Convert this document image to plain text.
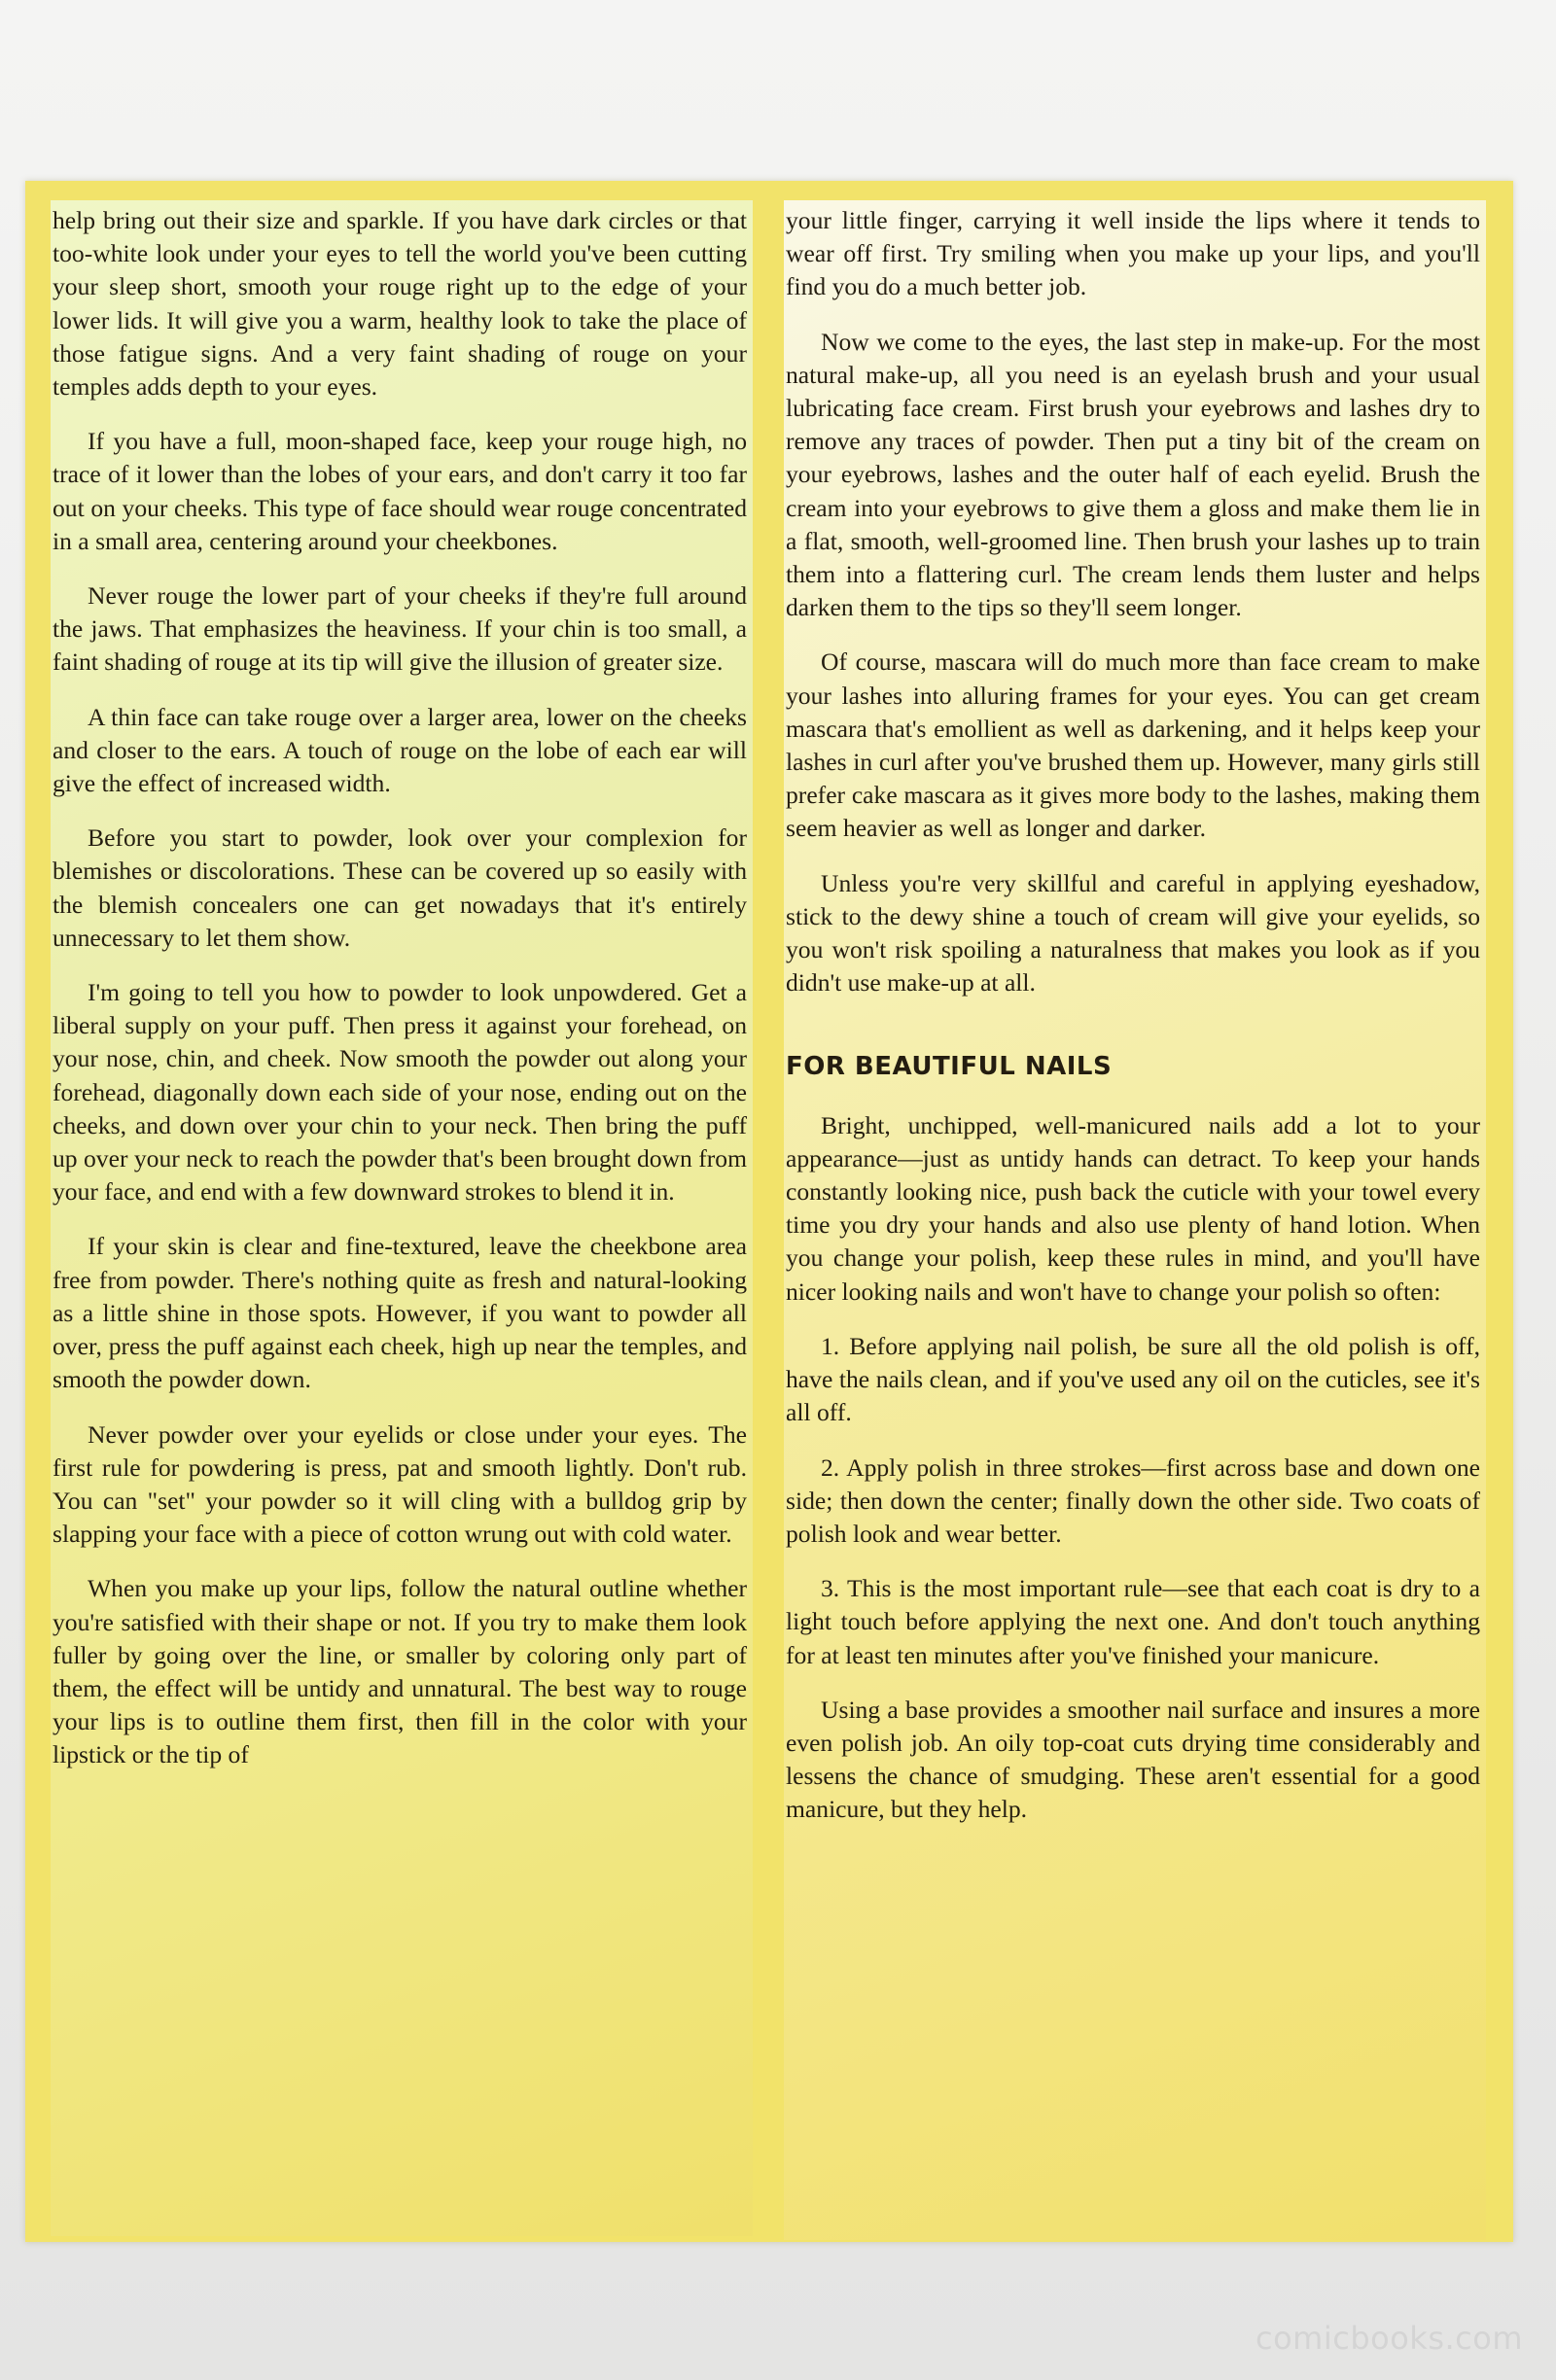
help bring out their size and sparkle. If you have dark circles or that too-white look under your eyes to tell the world you've been cutting your sleep short, smooth your rouge right up to the edge of your lower lids. It will give you a warm, healthy look to take the place of those fatigue signs. And a very faint shading of rouge on your temples adds depth to your eyes.

If you have a full, moon-shaped face, keep your rouge high, no trace of it lower than the lobes of your ears, and don't carry it too far out on your cheeks. This type of face should wear rouge concentrated in a small area, centering around your cheekbones.

Never rouge the lower part of your cheeks if they're full around the jaws. That emphasizes the heaviness. If your chin is too small, a faint shading of rouge at its tip will give the illusion of greater size.

A thin face can take rouge over a larger area, lower on the cheeks and closer to the ears. A touch of rouge on the lobe of each ear will give the effect of increased width.

Before you start to powder, look over your complexion for blemishes or discolorations. These can be covered up so easily with the blemish concealers one can get nowadays that it's entirely unnecessary to let them show.

I'm going to tell you how to powder to look unpowdered. Get a liberal supply on your puff. Then press it against your forehead, on your nose, chin, and cheek. Now smooth the powder out along your forehead, diagonally down each side of your nose, ending out on the cheeks, and down over your chin to your neck. Then bring the puff up over your neck to reach the powder that's been brought down from your face, and end with a few downward strokes to blend it in.

If your skin is clear and fine-textured, leave the cheekbone area free from powder. There's nothing quite as fresh and natural-looking as a little shine in those spots. However, if you want to powder all over, press the puff against each cheek, high up near the temples, and smooth the powder down.

Never powder over your eyelids or close under your eyes. The first rule for powdering is press, pat and smooth lightly. Don't rub. You can "set" your powder so it will cling with a bulldog grip by slapping your face with a piece of cotton wrung out with cold water.

When you make up your lips, follow the natural outline whether you're satisfied with their shape or not. If you try to make them look fuller by going over the line, or smaller by coloring only part of them, the effect will be untidy and unnatural. The best way to rouge your lips is to outline them first, then fill in the color with your lipstick or the tip of

your little finger, carrying it well inside the lips where it tends to wear off first. Try smiling when you make up your lips, and you'll find you do a much better job.

Now we come to the eyes, the last step in make-up. For the most natural make-up, all you need is an eyelash brush and your usual lubricating face cream. First brush your eyebrows and lashes dry to remove any traces of powder. Then put a tiny bit of the cream on your eyebrows, lashes and the outer half of each eyelid. Brush the cream into your eyebrows to give them a gloss and make them lie in a flat, smooth, well-groomed line. Then brush your lashes up to train them into a flattering curl. The cream lends them luster and helps darken them to the tips so they'll seem longer.

Of course, mascara will do much more than face cream to make your lashes into alluring frames for your eyes. You can get cream mascara that's emollient as well as darkening, and it helps keep your lashes in curl after you've brushed them up. However, many girls still prefer cake mascara as it gives more body to the lashes, making them seem heavier as well as longer and darker.

Unless you're very skillful and careful in applying eyeshadow, stick to the dewy shine a touch of cream will give your eyelids, so you won't risk spoiling a naturalness that makes you look as if you didn't use make-up at all.

FOR BEAUTIFUL NAILS

Bright, unchipped, well-manicured nails add a lot to your appearance—just as untidy hands can detract. To keep your hands constantly looking nice, push back the cuticle with your towel every time you dry your hands and also use plenty of hand lotion. When you change your polish, keep these rules in mind, and you'll have nicer looking nails and won't have to change your polish so often:

1. Before applying nail polish, be sure all the old polish is off, have the nails clean, and if you've used any oil on the cuticles, see it's all off.

2. Apply polish in three strokes—first across base and down one side; then down the center; finally down the other side. Two coats of polish look and wear better.

3. This is the most important rule—see that each coat is dry to a light touch before applying the next one. And don't touch anything for at least ten minutes after you've finished your manicure.

Using a base provides a smoother nail surface and insures a more even polish job. An oily top-coat cuts drying time considerably and lessens the chance of smudging. These aren't essential for a good manicure, but they help.

comicbooks.com
